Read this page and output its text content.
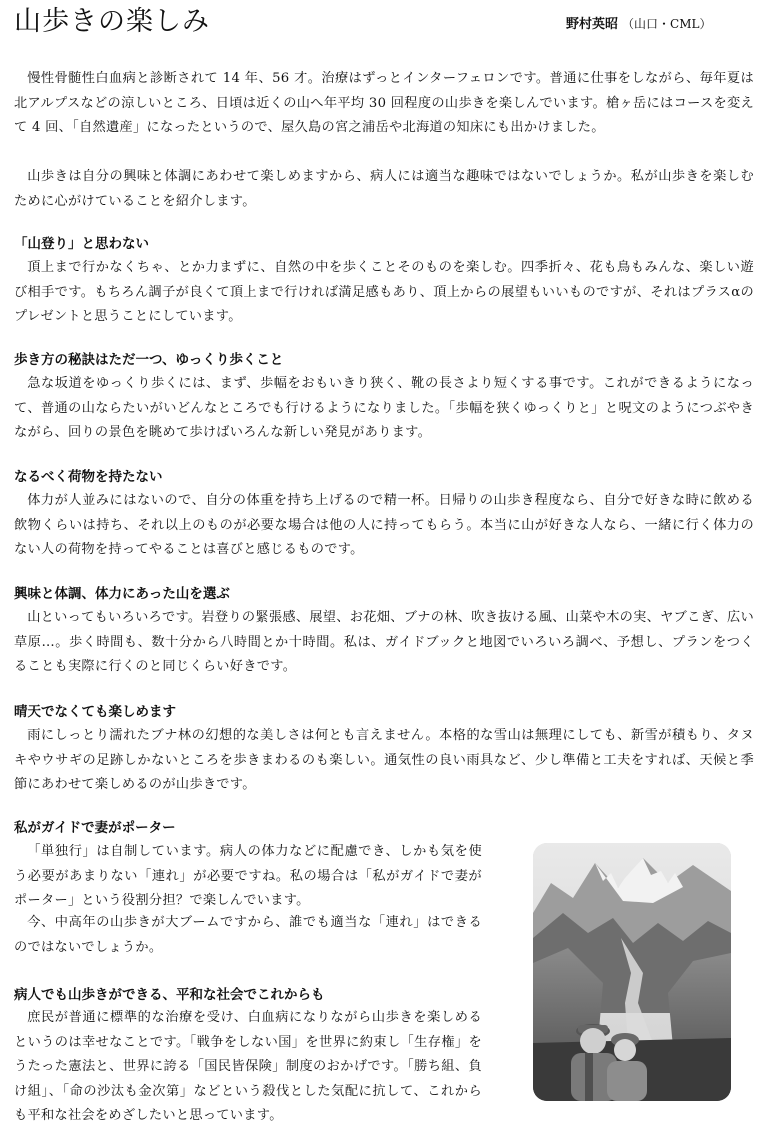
山歩きの楽しみ	野村英昭 （山口・CML）

慢性骨髄性白血病と診断されて 14 年、56 才。治療はずっとインターフェロンです。普通に仕事をしながら、毎年夏は北アルプスなどの涼しいところ、日頃は近くの山へ年平均 30 回程度の山歩きを楽しんでいます。槍ヶ岳にはコースを変えて 4 回、「自然遺産」になったというので、屋久島の宮之浦岳や北海道の知床にも出かけました。

山歩きは自分の興味と体調にあわせて楽しめますから、病人には適当な趣味ではないでしょうか。私が山歩きを楽しむために心がけていることを紹介します。

「山登り」と思わない

頂上まで行かなくちゃ、とか力まずに、自然の中を歩くことそのものを楽しむ。四季折々、花も鳥もみんな、楽しい遊び相手です。もちろん調子が良くて頂上まで行ければ満足感もあり、頂上からの展望もいいものですが、それはプラスαのプレゼントと思うことにしています。

歩き方の秘訣はただ一つ、ゆっくり歩くこと

急な坂道をゆっくり歩くには、まず、歩幅をおもいきり狭く、靴の長さより短くする事です。これができるようになって、普通の山ならたいがいどんなところでも行けるようになりました。「歩幅を狭くゆっくりと」と呪文のようにつぶやきながら、回りの景色を眺めて歩けばいろんな新しい発見があります。

なるべく荷物を持たない

体力が人並みにはないので、自分の体重を持ち上げるので精一杯。日帰りの山歩き程度なら、自分で好きな時に飲める飲物くらいは持ち、それ以上のものが必要な場合は他の人に持ってもらう。本当に山が好きな人なら、一緒に行く体力のない人の荷物を持ってやることは喜びと感じるものです。

興味と体調、体力にあった山を選ぶ

山といってもいろいろです。岩登りの緊張感、展望、お花畑、ブナの林、吹き抜ける風、山菜や木の実、ヤブこぎ、広い草原…。歩く時間も、数十分から八時間とか十時間。私は、ガイドブックと地図でいろいろ調べ、予想し、プランをつくることも実際に行くのと同じくらい好きです。

晴天でなくても楽しめます

雨にしっとり濡れたブナ林の幻想的な美しさは何とも言えません。本格的な雪山は無理にしても、新雪が積もり、タヌキやウサギの足跡しかないところを歩きまわるのも楽しい。通気性の良い雨具など、少し準備と工夫をすれば、天候と季節にあわせて楽しめるのが山歩きです。

私がガイドで妻がポーター

「単独行」は自制しています。病人の体力などに配慮でき、しかも気を使う必要があまりない「連れ」が必要ですね。私の場合は「私がガイドで妻がポーター」という役割分担？で楽しんでいます。

今、中高年の山歩きが大ブームですから、誰でも適当な「連れ」はできるのではないでしょうか。

病人でも山歩きができる、平和な社会でこれからも

庶民が普通に標準的な治療を受け、白血病になりながら山歩きを楽しめるというのは幸せなことです。「戦争をしない国」を世界に約束し「生存権」をうたった憲法と、世界に誇る「国民皆保険」制度のおかげです。「勝ち組、負け組」、「命の沙汰も金次第」などという殺伐とした気配に抗して、これからも平和な社会をめざしたいと思っています。
